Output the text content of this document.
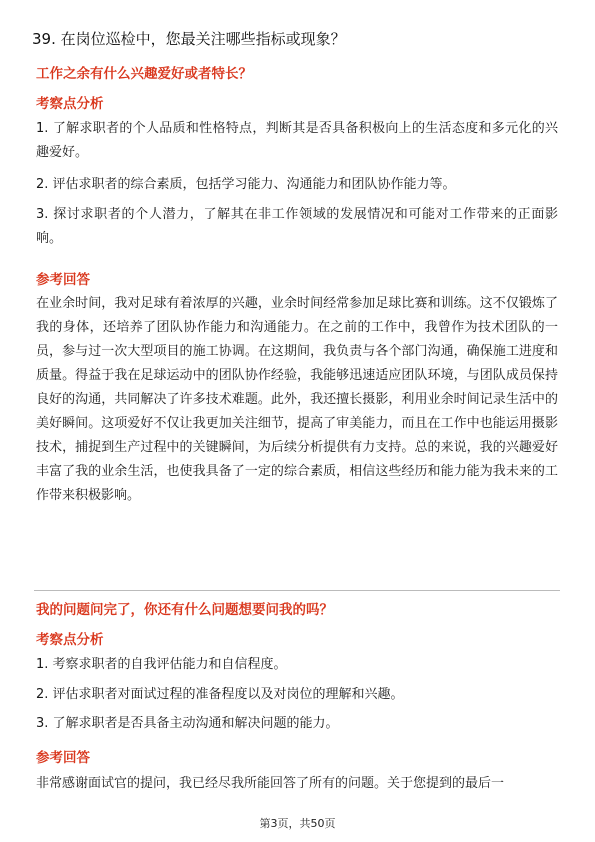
39. 在岗位巡检中，您最关注哪些指标或现象？
工作之余有什么兴趣爱好或者特长？
考察点分析
1. 了解求职者的个人品质和性格特点，判断其是否具备积极向上的生活态度和多元化的兴趣爱好。
2. 评估求职者的综合素质，包括学习能力、沟通能力和团队协作能力等。
3. 探讨求职者的个人潜力，了解其在非工作领域的发展情况和可能对工作带来的正面影响。
参考回答
在业余时间，我对足球有着浓厚的兴趣，业余时间经常参加足球比赛和训练。这不仅锻炼了我的身体，还培养了团队协作能力和沟通能力。在之前的工作中，我曾作为技术团队的一员，参与过一次大型项目的施工协调。在这期间，我负责与各个部门沟通，确保施工进度和质量。得益于我在足球运动中的团队协作经验，我能够迅速适应团队环境，与团队成员保持良好的沟通，共同解决了许多技术难题。此外，我还擅长摄影，利用业余时间记录生活中的美好瞬间。这项爱好不仅让我更加关注细节，提高了审美能力，而且在工作中也能运用摄影技术，捕捉到生产过程中的关键瞬间，为后续分析提供有力支持。总的来说，我的兴趣爱好丰富了我的业余生活，也使我具备了一定的综合素质，相信这些经历和能力能为我未来的工作带来积极影响。
我的问题问完了，你还有什么问题想要问我的吗？
考察点分析
1. 考察求职者的自我评估能力和自信程度。
2. 评估求职者对面试过程的准备程度以及对岗位的理解和兴趣。
3. 了解求职者是否具备主动沟通和解决问题的能力。
参考回答
非常感谢面试官的提问，我已经尽我所能回答了所有的问题。关于您提到的最后一
第3页，共50页
